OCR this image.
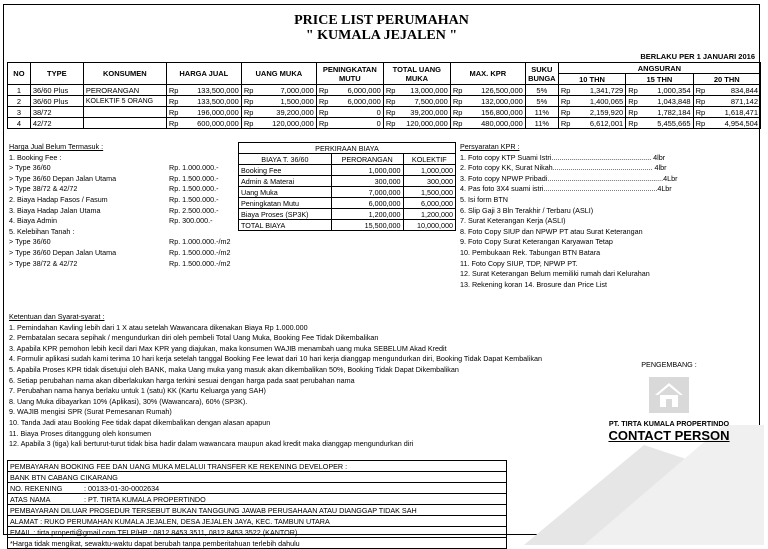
PRICE LIST PERUMAHAN
" KUMALA JEJALEN "
BERLAKU PER 1 JANUARI 2016
NO	TYPE	KONSUMEN	HARGA JUAL	UANG MUKA	PENINGKATAN MUTU	TOTAL UANG MUKA	MAX. KPR	SUKU BUNGA	ANGSURAN		
									10 THN	15 THN	20 THN
1	36/60 Plus	PERORANGAN	Rp 133,500,000	Rp 7,000,000	Rp 6,000,000	Rp 13,000,000	Rp 126,500,000	5%	Rp 1,341,729	Rp 1,000,354	Rp 834,844
2	36/60 Plus	KOLEKTIF 5 ORANG	Rp 133,500,000	Rp 1,500,000	Rp 6,000,000	Rp 7,500,000	Rp 132,000,000	5%	Rp 1,400,065	Rp 1,043,848	Rp 871,142
3	38/72		Rp 196,000,000	Rp 39,200,000	Rp 0	Rp 39,200,000	Rp 156,800,000	11%	Rp 2,159,920	Rp 1,782,184	Rp 1,618,471
4	42/72		Rp 600,000,000	Rp 120,000,000	Rp 0	Rp 120,000,000	Rp 480,000,000	11%	Rp 6,612,001	Rp 5,455,665	Rp 4,954,504
Harga Jual Belum Termasuk :
1. Booking Fee :
> Type 36/60	Rp. 1.000.000.-
> Type 36/60 Depan Jalan Utama	Rp. 1.500.000.-
> Type 38/72 & 42/72	Rp. 1.500.000.-
2. Biaya Hadap Fasos / Fasum	Rp. 1.500.000.-
3. Biaya Hadap Jalan Utama	Rp. 2.500.000.-
4. Biaya Admin	Rp. 300.000.-
5. Kelebihan Tanah :
> Type 36/60	Rp. 1.000.000.-/m2
> Type 36/60 Depan Jalan Utama	Rp. 1.500.000.-/m2
> Type 38/72 & 42/72	Rp. 1.500.000.-/m2
PERKIRAAN BIAYA		
BIAYA T. 36/60	PERORANGAN	KOLEKTIF
Booking Fee	1,000,000	1,000,000
Admin & Materai	300,000	300,000
Uang Muka	7,000,000	1,500,000
Peningkatan Mutu	6,000,000	6,000,000
Biaya Proses (SP3K)	1,200,000	1,200,000
TOTAL BIAYA	15,500,000	10,000,000
Persyaratan KPR :
1. Foto copy KTP Suami Istri.................................................. 4lbr
2. Foto copy KK, Surat Nikah.................................................. 4lbr
3. Foto copy NPWP Pribadi..........................................................4Lbr
4. Pas foto 3X4 suami istri.........................................................4Lbr
5. Isi form BTN
6. Slip Gaji 3 Bln Terakhir / Terbaru (ASLI)
7. Surat Keterangan Kerja (ASLI)
8. Foto Copy SIUP dan NPWP PT atau Surat Keterangan
9. Foto Copy Surat Keterangan Karyawan Tetap
10. Pembukaan Rek. Tabungan BTN Batara
11. Foto Copy SIUP, TDP, NPWP PT.
12. Surat Keterangan Belum memiliki rumah dari Kelurahan
13. Rekening koran 14. Brosure dan Price List
Ketentuan dan Syarat-syarat :
1. Pemindahan Kavling lebih dari 1 X atau setelah Wawancara dikenakan Biaya Rp 1.000.000
2. Pembatalan secara sepihak / mengundurkan diri oleh pembeli Total Uang Muka, Booking Fee Tidak Dikembalikan
3. Apabila KPR pemohon lebih kecil dari Max KPR yang diajukan, maka konsumen WAJIB menambah uang muka SEBELUM Akad Kredit
4. Formulir aplikasi sudah kami terima 10 hari kerja setelah tanggal Booking Fee lewat dari 10 hari kerja dianggap mengundurkan diri, Booking Tidak Dapat Kembalikan
5. Apabila Proses KPR tidak disetujui oleh BANK, maka Uang muka yang masuk akan dikembalikan 50%, Booking Tidak Dapat Dikembalikan
6. Setiap perubahan nama akan diberlakukan harga terkini sesuai dengan harga pada saat perubahan nama
7. Perubahan nama hanya berlaku untuk 1 (satu) KK (Kartu Keluarga yang SAH)
8. Uang Muka dibayarkan 10% (Aplikasi), 30% (Wawancara), 60% (SP3K).
9. WAJIB mengisi SPR (Surat Pemesanan Rumah)
10. Tanda Jadi atau Booking Fee tidak dapat dikembalikan dengan alasan apapun
11. Biaya Proses ditanggung oleh konsumen
12. Apabila 3 (tiga) kali berturut-turut tidak bisa hadir dalam wawancara maupun akad kredit maka dianggap mengundurkan diri
PEMBAYARAN BOOKING FEE DAN UANG MUKA MELALUI TRANSFER KE REKENING DEVELOPER :	
BANK BTN CABANG CIKARANG	
NO. REKENING	: 00133-01-30-0002634
ATAS NAMA	: PT. TIRTA KUMALA PROPERTINDO
PEMBAYARAN DILUAR PROSEDUR TERSEBUT BUKAN TANGGUNG JAWAB PERUSAHAAN ATAU DIANGGAP TIDAK SAH	
ALAMAT : RUKO PERUMAHAN KUMALA JEJALEN, DESA JEJALEN JAYA, KEC. TAMBUN UTARA	
EMAIL : tirta.properti@gmail.com TELP/HP : 0812 8453 3511, 0812 8453 3522 (KANTOR)	
*Harga tidak mengikat, sewaktu-waktu dapat berubah tanpa pemberitahuan terlebih dahulu	
PENGEMBANG :
PT. TIRTA KUMALA PROPERTINDO
CONTACT PERSON
